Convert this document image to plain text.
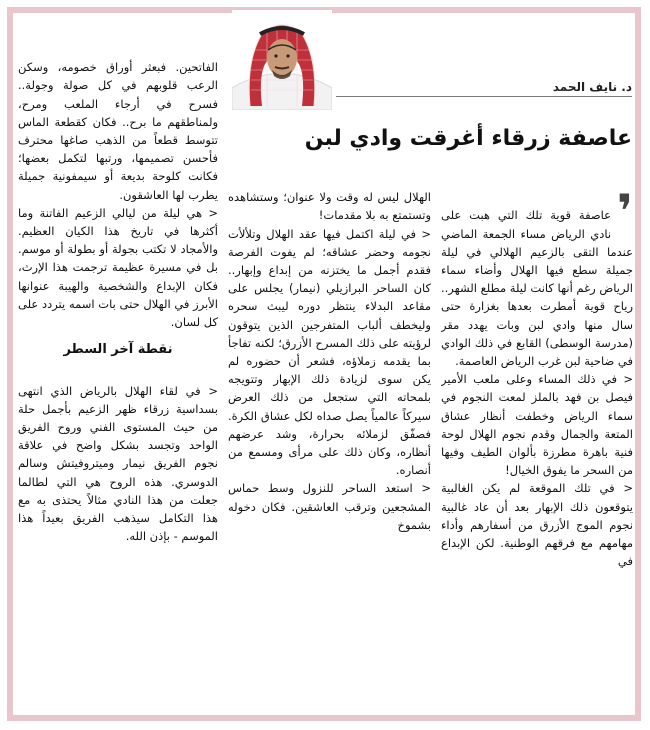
د. نايف الحمد
عاصفة زرقاء أغرقت وادي لبن

❜

عاصفة قوية تلك التي هبت على نادي الرياض مساء الجمعة الماضي عندما التقى بالزعيم الهلالي في ليلة جميلة سطع فيها الهلال وأضاء سماء الرياض رغم أنها كانت ليلة مطلع الشهر.. رياح قوية أمطرت بعدها بغزارة حتى سال منها وادي لبن وبات يهدد مقر (مدرسة الوسطى) القابع في ذلك الوادي في ضاحية لبن غرب الرياض العاصمة.
< في ذلك المساء وعلى ملعب الأمير فيصل بن فهد بالملز لمعت النجوم في سماء الرياض وخطفت أنظار عشاق المتعة والجمال وقدم نجوم الهلال لوحة فنية باهرة مطرزة بألوان الطيف وفيها من السحر ما يفوق الخيال!
< في تلك الموقعة لم يكن الغالبية يتوقعون ذلك الإبهار بعد أن عاد غالبية نجوم الموج الأزرق من أسفارهم وأداء مهامهم مع فرقهم الوطنية. لكن الإبداع في

الهلال ليس له وقت ولا عنوان؛ وستشاهده وتستمتع به بلا مقدمات!
< في ليلة اكتمل فيها عقد الهلال وتلألأت نجومه وحضر عشاقه؛ لم يفوت الفرصة فقدم أجمل ما يختزنه من إبداع وإبهار.. كان الساحر البرازيلي (نيمار) يجلس على مقاعد البدلاء ينتظر دوره ليبث سحره وليخطف ألباب المتفرجين الذين يتوقون لرؤيته على ذلك المسرح الأزرق؛ لكنه تفاجأ بما يقدمه زملاؤه، فشعر أن حضوره لم يكن سوى لزيادة ذلك الإبهار وتتويجه بلمحاته التي ستجعل من ذلك العرض سيركاً عالمياً يصل صداه لكل عشاق الكرة. فصفّق لزملائه بحرارة، وشد عرضهم أنظاره، وكان ذلك على مرأى ومسمع من أنصاره.
< استعد الساحر للنزول وسط حماس المشجعين وترقب العاشقين. فكان دخوله بشموخ

الفاتحين. فبعثر أوراق خصومه، وسكن الرعب قلوبهم في كل صولة وجولة.. فسرح في أرجاء الملعب ومرح، ولمناطقهم ما برح.. فكان كقطعة الماس تتوسط قطعاً من الذهب صاغها محترف فأحسن تصميمها، ورتبها لتكمل بعضها؛ فكانت كلوحة بديعة أو سيمفونية جميلة يطرب لها العاشقون.
< هي ليلة من ليالي الزعيم الفاتنة وما أكثرها في تاريخ هذا الكيان العظيم. والأمجاد لا تكتب بجولة أو بطولة أو موسم. بل في مسيرة عظيمة ترجمت هذا الإرث، فكان الإبداع والشخصية والهيبة عنوانها الأبرز في الهلال حتى بات اسمه يتردد على كل لسان.

نقطة آخر السطر

< في لقاء الهلال بالرياض الذي انتهى بسداسية زرقاء ظهر الزعيم بأجمل حلة من حيث المستوى الفني وروح الفريق الواحد وتجسد بشكل واضح في علاقة نجوم الفريق نيمار وميتروفيتش وسالم الدوسري. هذه الروح هي التي لطالما جعلت من هذا النادي مثالاً يحتذى به مع هذا التكامل سيذهب الفريق بعيداً هذا الموسم - بإذن الله.
